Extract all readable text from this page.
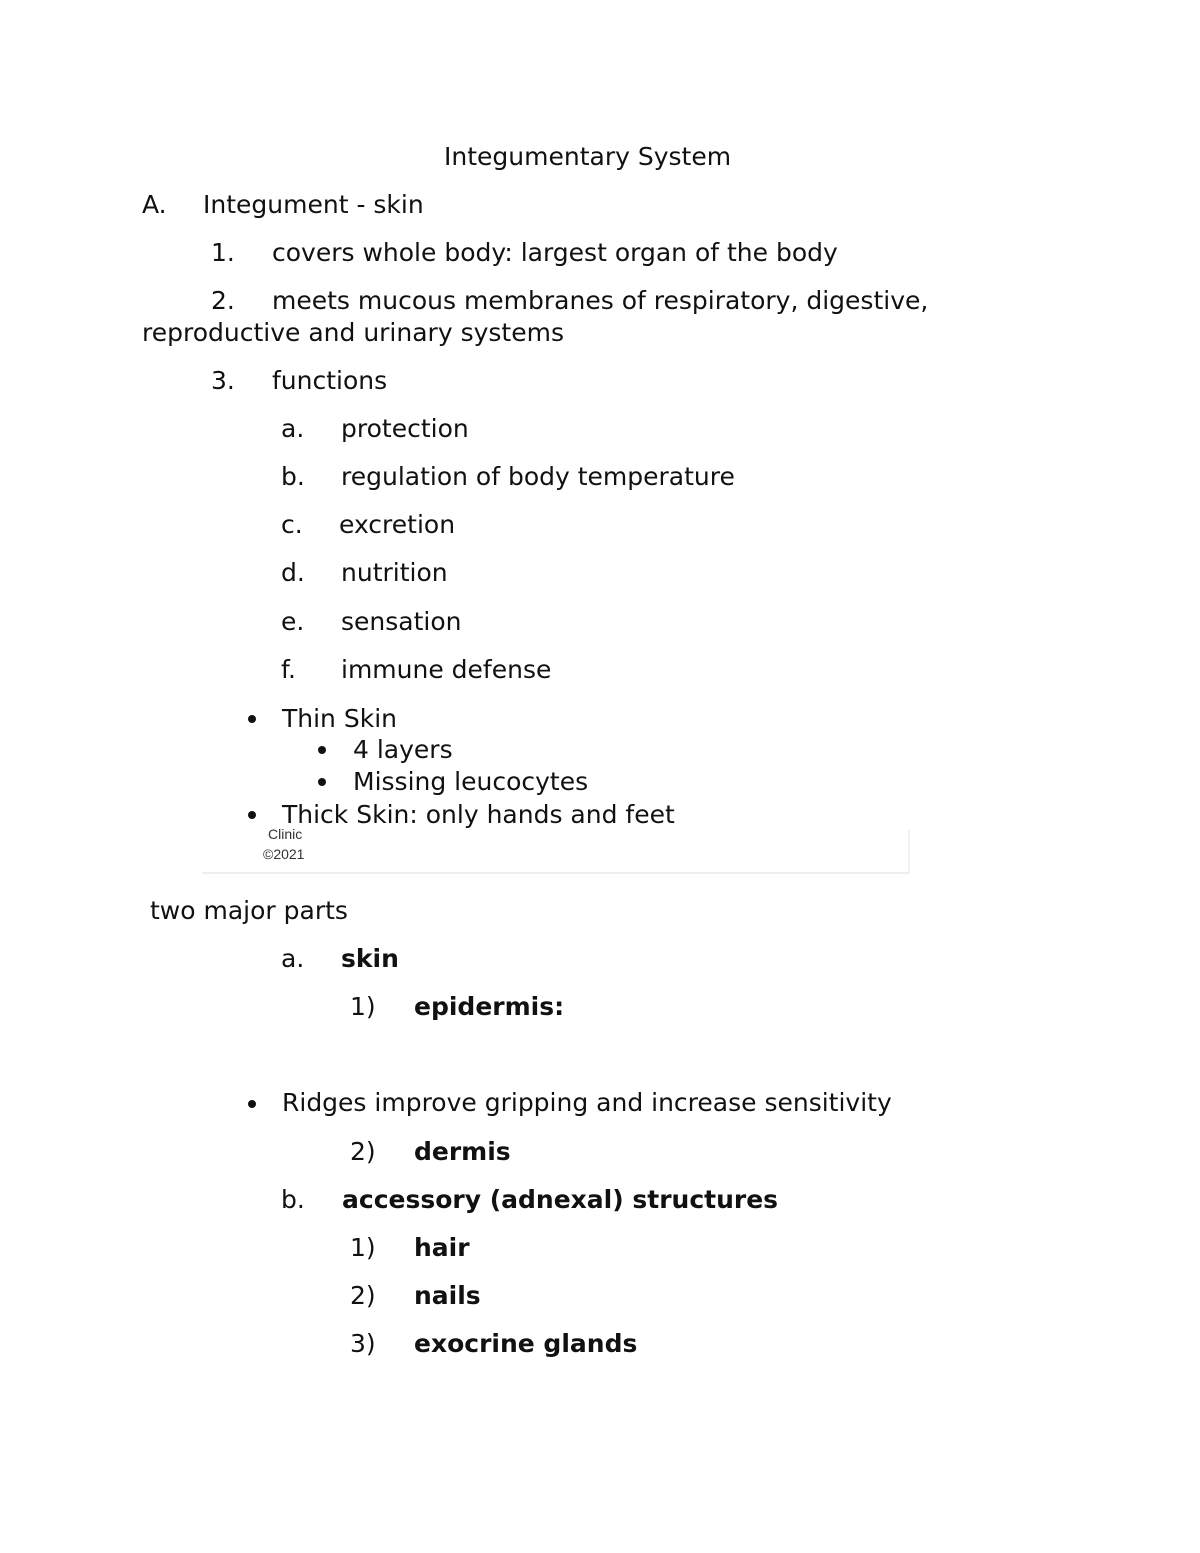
Integumentary System
A. Integument - skin
1. covers whole body: largest organ of the body
2. meets mucous membranes of respiratory, digestive,
reproductive and urinary systems
3. functions
a. protection
b. regulation of body temperature
c. excretion
d. nutrition
e. sensation
f. immune defense
Thin Skin
4 layers
Missing leucocytes
Clinic
©2021
Thick Skin: only hands and feet
two major parts
a. skin
1) epidermis:
Ridges improve gripping and increase sensitivity
2) dermis
b. accessory (adnexal) structures
1) hair
2) nails
3) exocrine glands
